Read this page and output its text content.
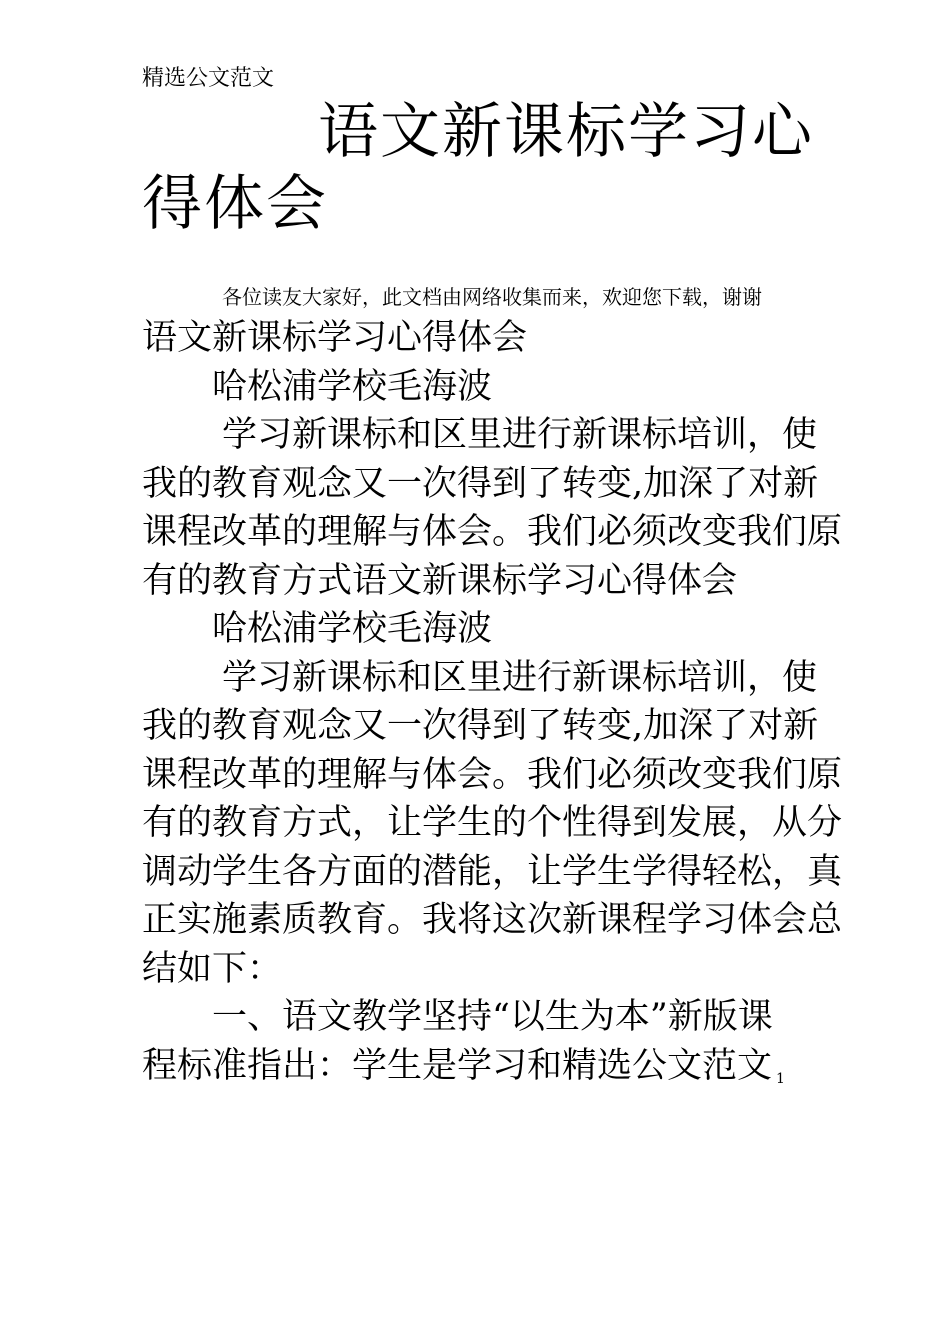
精选公文范文
语文新课标学习心得体会
各位读友大家好，此文档由网络收集而来，欢迎您下载，谢谢

语文新课标学习心得体会

哈松浦学校毛海波

学习新课标和区里进行新课标培训，使我的教育观念又一次得到了转变,加深了对新课程改革的理解与体会。我们必须改变我们原有的教育方式语文新课标学习心得体会

哈松浦学校毛海波

学习新课标和区里进行新课标培训，使我的教育观念又一次得到了转变,加深了对新课程改革的理解与体会。我们必须改变我们原有的教育方式，让学生的个性得到发展，从分调动学生各方面的潜能，让学生学得轻松，真正实施素质教育。我将这次新课程学习体会总结如下：

一、语文教学坚持“以生为本”新版课

程标准指出：学生是学习和精选公文范文 1
